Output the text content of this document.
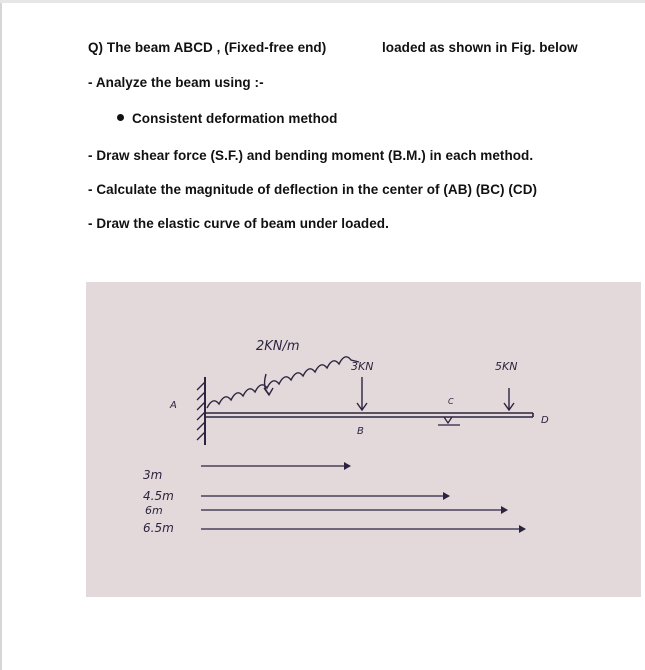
Q) The beam ABCD , (Fixed-free end)	loaded as shown in Fig. below
- Analyze the beam using :-
Consistent deformation method
- Draw shear force (S.F.) and bending moment (B.M.) in each method.
- Calculate the magnitude of deflection in the center of (AB) (BC) (CD)
- Draw the elastic curve of beam under loaded.
2KN/m
3KN	5KN
A
B
C
D
3m
4.5m
6m
6.5m
